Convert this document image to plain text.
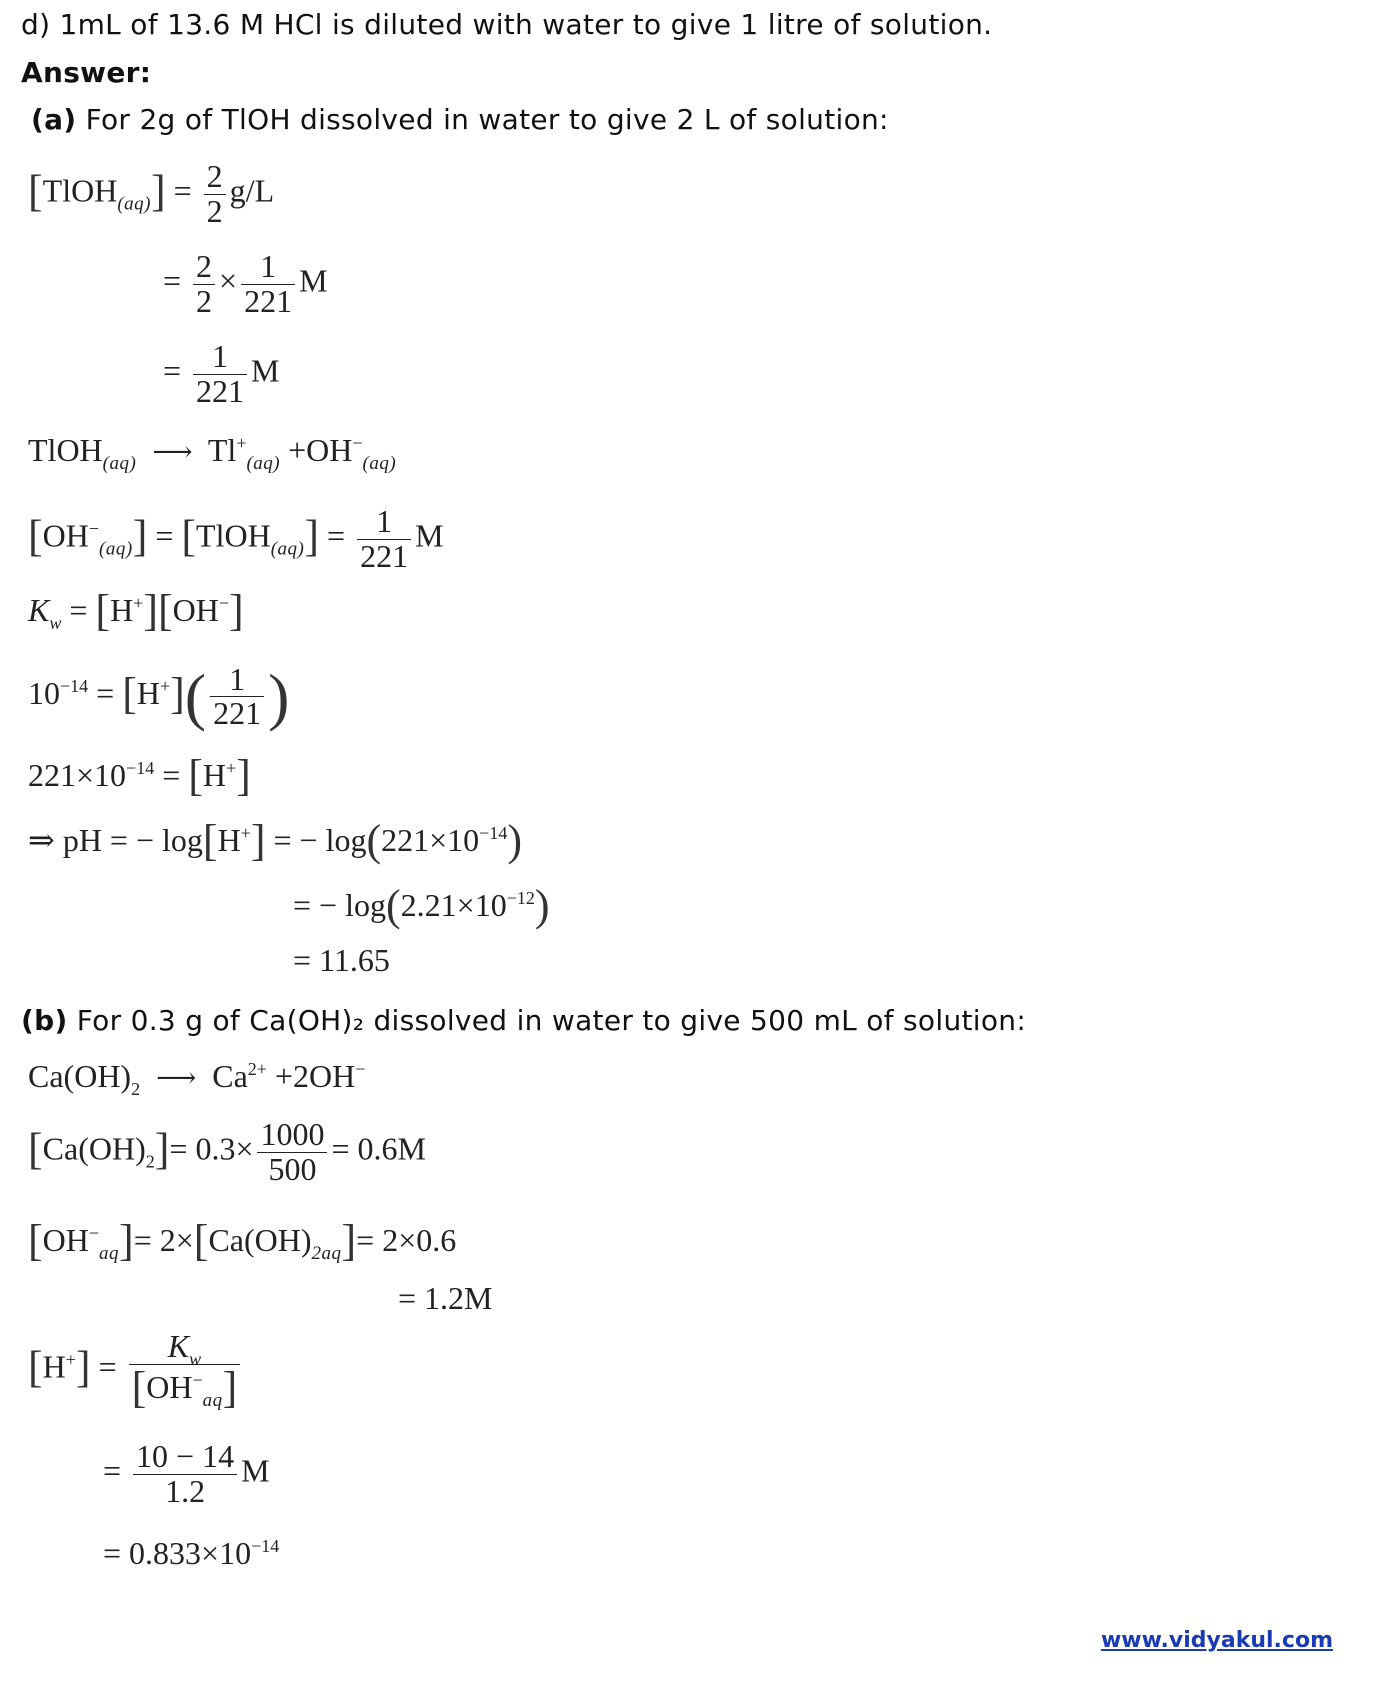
d) 1mL of 13.6 M HCl is diluted with water to give 1 litre of solution.
Answer:
(a) For 2g of TlOH dissolved in water to give 2 L of solution:
[TlOH$_{(aq)}$] = $\frac{2}{2} g/L$
= $\frac{2}{2} \times \frac{1}{221}$ M
= $\frac{1}{221}$ M
TlOH$_{(aq)}$ ⟶ $Tl^+_{(aq)} +OH^-_{(aq)}$
$[OH^-_{(aq)}]$ = [TlOH$_{(aq)}$] = $\frac{1}{221}$ M
$K_w = [H^+][OH^-]$
$10^{-14} = [H^+]( \frac{1}{221}$ )
$221\times 10^{-14} = [H^+]$
⇒ pH = − log[H+] = − $\log(221\times 10^{-14})$
= − $\log(2.21\times 10^{-12})$
= 11.65
(b) For 0.3 g of Ca(OH)₂ dissolved in water to give 500 mL of solution:
$Ca(OH)_2$ ⟶ $Ca^{2+} +2OH^-$
$[Ca(OH)_2]= 0.3\times \frac{1000}{500} = 0.6M$
$[OH^-_{aq}]= 2\times[Ca(OH)_{2aq}]= 2\times 0.6$
= 1.2M
$[H^+] = \frac{K_w}{[OH^-_{aq}]}$
= $\frac{10 - 14}{1.2}$ M
= $0.833\times 10^{-14}$
www.vidyakul.com
